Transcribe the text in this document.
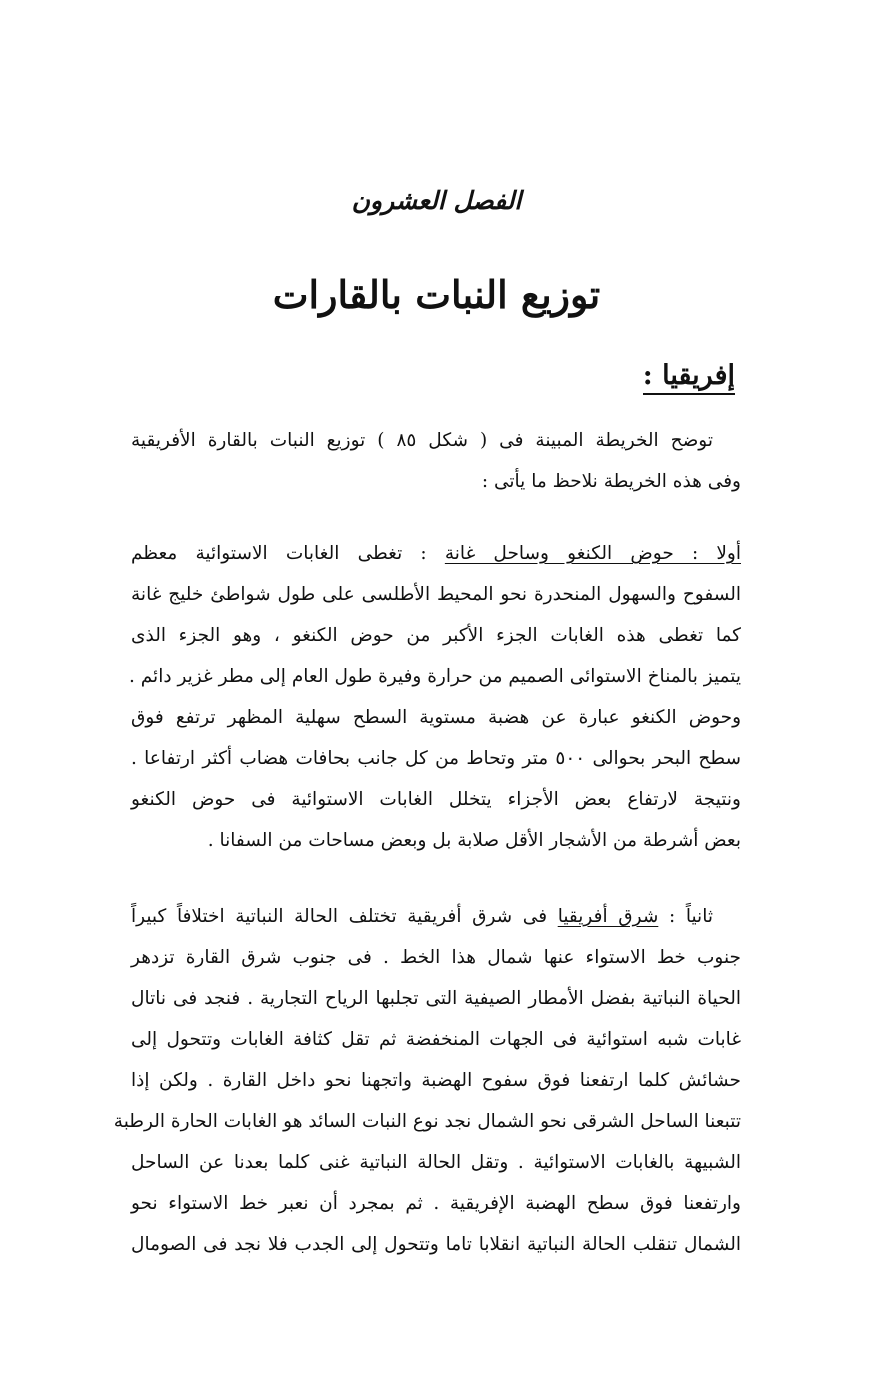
الفصل العشرون
توزيع النبات بالقارات
إفريقيا :
توضح الخريطة المبينة فى ( شكل ٨٥ ) توزيع النبات بالقارة الأفريقية
وفى هذه الخريطة نلاحظ ما يأتى :
أولا : حوض الكنغو وساحل غانة : تغطى الغابات الاستوائية معظم
السفوح والسهول المنحدرة نحو المحيط الأطلسى على طول شواطئ خليج غانة
كما تغطى هذه الغابات الجزء الأكبر من حوض الكنغو ، وهو الجزء الذى
يتميز بالمناخ الاستوائى الصميم من حرارة وفيرة طول العام إلى مطر غزير دائم .
وحوض الكنغو عبارة عن هضبة مستوية السطح سهلية المظهر ترتفع فوق
سطح البحر بحوالى ٥٠٠ متر وتحاط من كل جانب بحافات هضاب أكثر ارتفاعا .
ونتيجة لارتفاع بعض الأجزاء يتخلل الغابات الاستوائية فى حوض الكنغو
بعض أشرطة من الأشجار الأقل صلابة بل وبعض مساحات من السفانا .
ثانياً : شرق أفريقيا فى شرق أفريقية تختلف الحالة النباتية اختلافاً كبيراً
جنوب خط الاستواء عنها شمال هذا الخط . فى جنوب شرق القارة تزدهر
الحياة النباتية بفضل الأمطار الصيفية التى تجلبها الرياح التجارية . فنجد فى ناتال
غابات شبه استوائية فى الجهات المنخفضة ثم تقل كثافة الغابات وتتحول إلى
حشائش كلما ارتفعنا فوق سفوح الهضبة واتجهنا نحو داخل القارة . ولكن إذا
تتبعنا الساحل الشرقى نحو الشمال نجد نوع النبات السائد هو الغابات الحارة الرطبة
الشبيهة بالغابات الاستوائية . وتقل الحالة النباتية غنى كلما بعدنا عن الساحل
وارتفعنا فوق سطح الهضبة الإفريقية . ثم بمجرد أن نعبر خط الاستواء نحو
الشمال تنقلب الحالة النباتية انقلابا تاما وتتحول إلى الجدب فلا نجد فى الصومال
